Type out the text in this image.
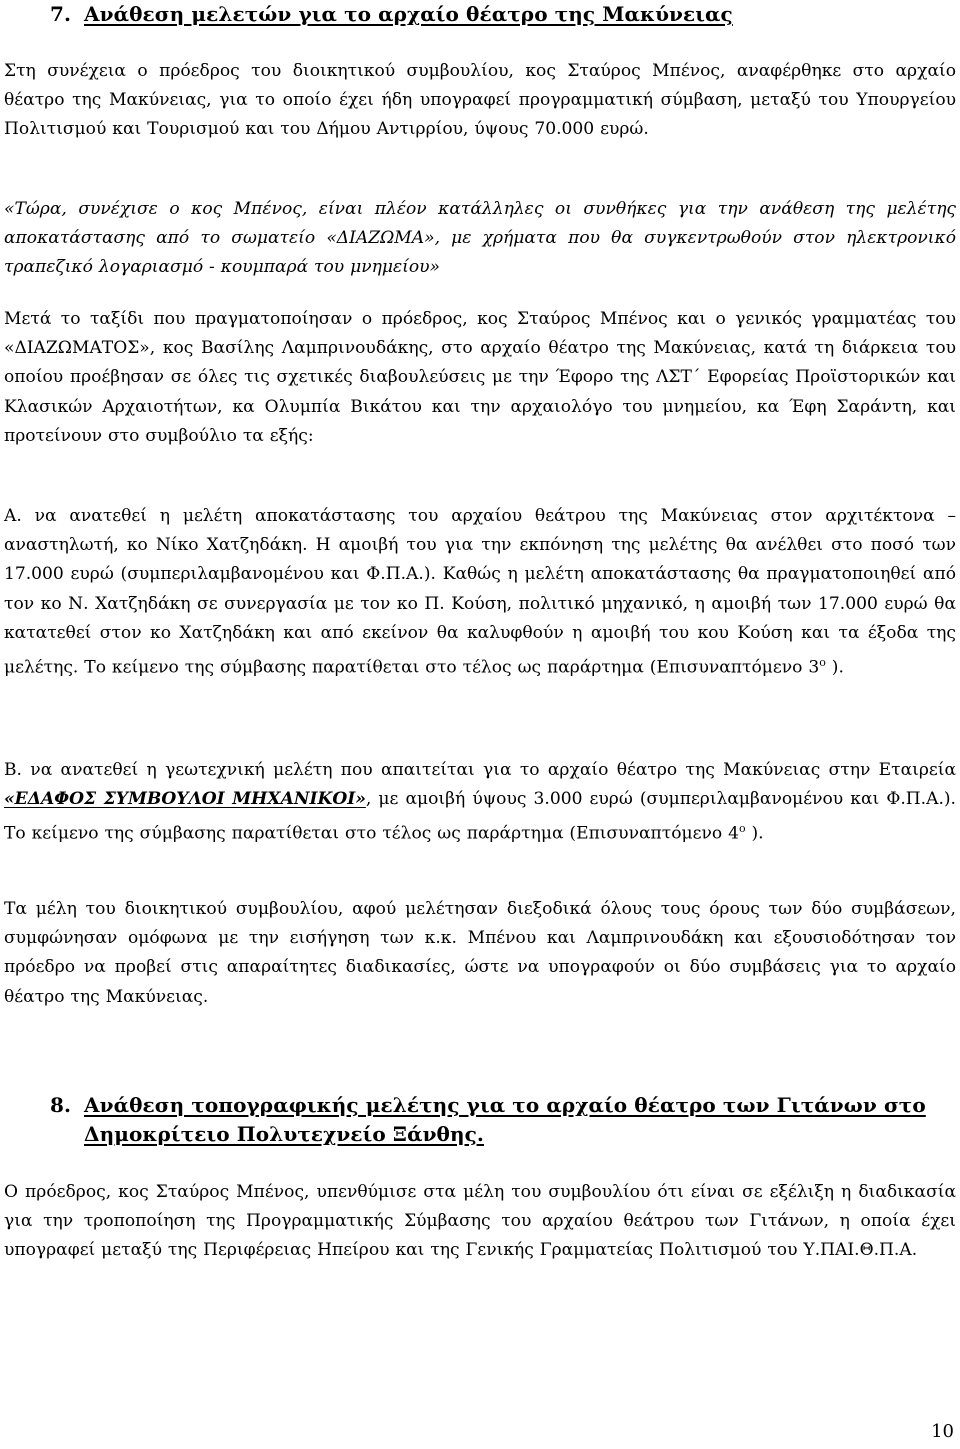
7. Ανάθεση μελετών για το αρχαίο θέατρο της Μακύνειας

Στη συνέχεια ο πρόεδρος του διοικητικού συμβουλίου, κος Σταύρος Μπένος, αναφέρθηκε στο αρχαίο θέατρο της Μακύνειας, για το οποίο έχει ήδη υπογραφεί προγραμματική σύμβαση, μεταξύ του Υπουργείου Πολιτισμού και Τουρισμού και του Δήμου Αντιρρίου, ύψους 70.000 ευρώ.

«Τώρα, συνέχισε ο κος Μπένος, είναι πλέον κατάλληλες οι συνθήκες για την ανάθεση της μελέτης αποκατάστασης από το σωματείο «ΔΙΑΖΩΜΑ», με χρήματα που θα συγκεντρωθούν στον ηλεκτρονικό τραπεζικό λογαριασμό - κουμπαρά του μνημείου»

Μετά το ταξίδι που πραγματοποίησαν ο πρόεδρος, κος Σταύρος Μπένος και ο γενικός γραμματέας του «ΔΙΑΖΩΜΑΤΟΣ», κος Βασίλης Λαμπρινουδάκης, στο αρχαίο θέατρο της Μακύνειας, κατά τη διάρκεια του οποίου προέβησαν σε όλες τις σχετικές διαβουλεύσεις με την Έφορο της ΛΣΤ΄ Εφορείας Προϊστορικών και Κλασικών Αρχαιοτήτων, κα Ολυμπία Βικάτου και την αρχαιολόγο του μνημείου, κα Έφη Σαράντη, και προτείνουν στο συμβούλιο τα εξής:

Α. να ανατεθεί η μελέτη αποκατάστασης του αρχαίου θεάτρου της Μακύνειας στον αρχιτέκτονα – αναστηλωτή, κο Νίκο Χατζηδάκη. Η αμοιβή του για την εκπόνηση της μελέτης θα ανέλθει στο ποσό των 17.000 ευρώ (συμπεριλαμβανομένου και Φ.Π.Α.). Καθώς η μελέτη αποκατάστασης θα πραγματοποιηθεί από τον κο Ν. Χατζηδάκη σε συνεργασία με τον κο Π. Κούση, πολιτικό μηχανικό, η αμοιβή των 17.000 ευρώ θα κατατεθεί στον κο Χατζηδάκη και από εκείνον θα καλυφθούν η αμοιβή του κου Κούση και τα έξοδα της μελέτης. Το κείμενο της σύμβασης παρατίθεται στο τέλος ως παράρτημα (Επισυναπτόμενο $3^o$ ).

Β. να ανατεθεί η γεωτεχνική μελέτη που απαιτείται για το αρχαίο θέατρο της Μακύνειας στην Εταιρεία «ΕΔΑΦΟΣ ΣΥΜΒΟΥΛΟΙ ΜΗΧΑΝΙΚΟΙ», με αμοιβή ύψους 3.000 ευρώ (συμπεριλαμβανομένου και Φ.Π.Α.). Το κείμενο της σύμβασης παρατίθεται στο τέλος ως παράρτημα (Επισυναπτόμενο $4^o$ ).

Τα μέλη του διοικητικού συμβουλίου, αφού μελέτησαν διεξοδικά όλους τους όρους των δύο συμβάσεων, συμφώνησαν ομόφωνα με την εισήγηση των κ.κ. Μπένου και Λαμπρινουδάκη και εξουσιοδότησαν τον πρόεδρο να προβεί στις απαραίτητες διαδικασίες, ώστε να υπογραφούν οι δύο συμβάσεις για το αρχαίο θέατρο της Μακύνειας.

8. Ανάθεση τοπογραφικής μελέτης για το αρχαίο θέατρο των Γιτάνων στο
Δημοκρίτειο Πολυτεχνείο Ξάνθης.

Ο πρόεδρος, κος Σταύρος Μπένος, υπενθύμισε στα μέλη του συμβουλίου ότι είναι σε εξέλιξη η διαδικασία για την τροποποίηση της Προγραμματικής Σύμβασης του αρχαίου θεάτρου των Γιτάνων, η οποία έχει υπογραφεί μεταξύ της Περιφέρειας Ηπείρου και της Γενικής Γραμματείας Πολιτισμού του Υ.ΠΑΙ.Θ.Π.Α.

10
